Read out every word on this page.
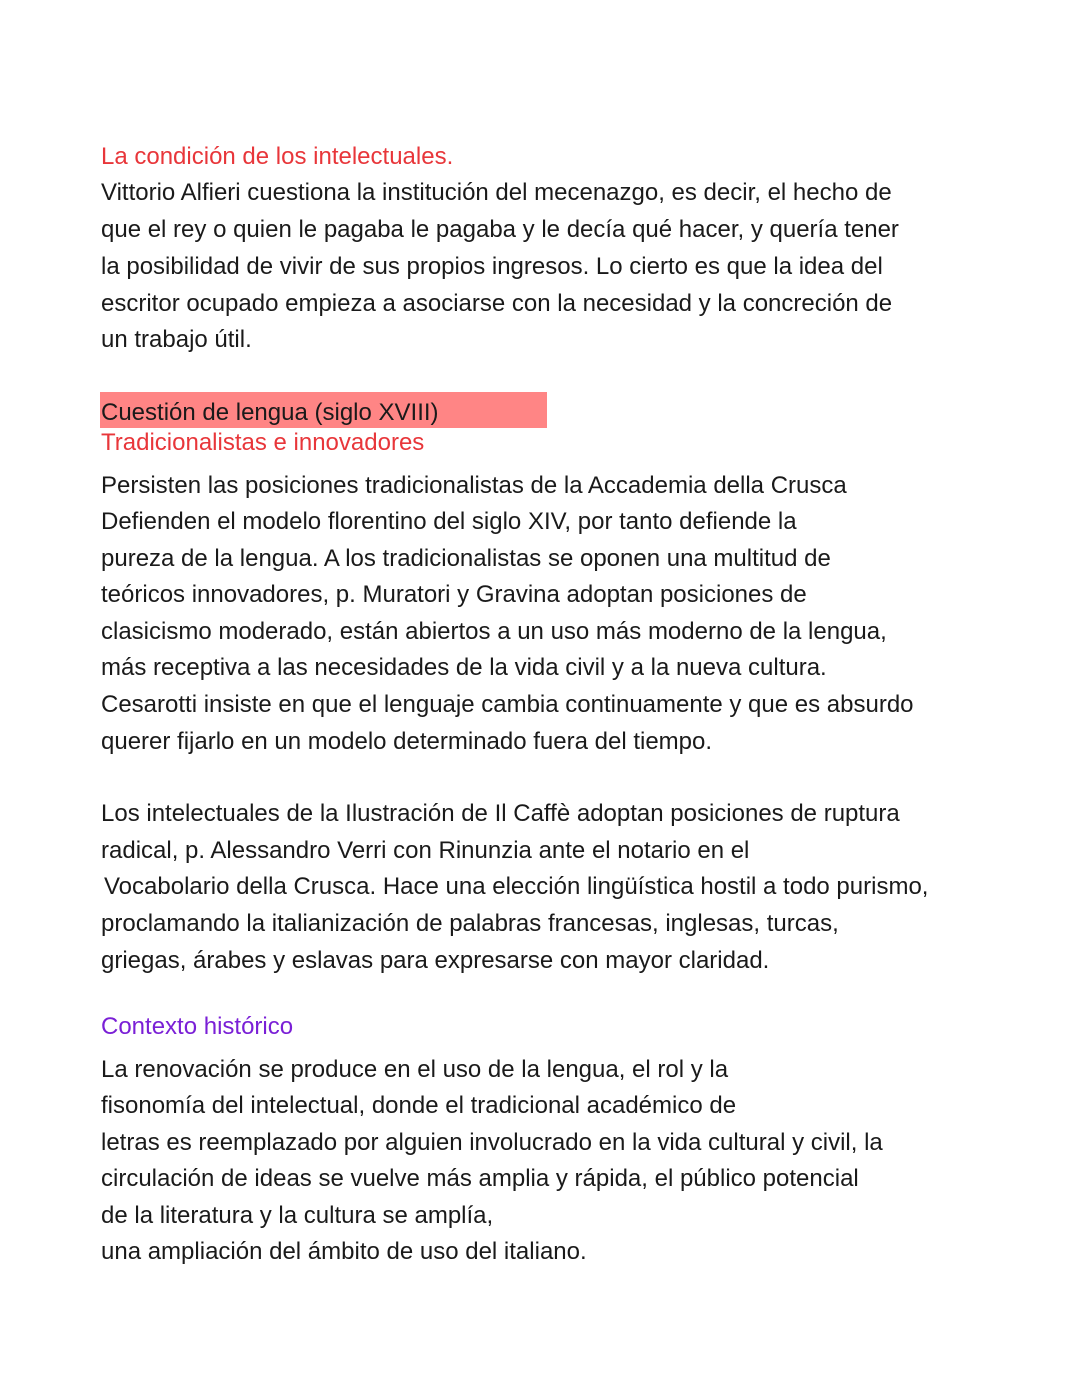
La condición de los intelectuales.
Vittorio Alfieri cuestiona la institución del mecenazgo, es decir, el hecho de
que el rey o quien le pagaba le pagaba y le decía qué hacer, y quería tener
la posibilidad de vivir de sus propios ingresos. Lo cierto es que la idea del
escritor ocupado empieza a asociarse con la necesidad y la concreción de
un trabajo útil.
Cuestión de lengua (siglo XVIII)
Tradicionalistas e innovadores
Persisten las posiciones tradicionalistas de la Accademia della Crusca
Defienden el modelo florentino del siglo XIV, por tanto defiende la
pureza de la lengua. A los tradicionalistas se oponen una multitud de
teóricos innovadores, p. Muratori y Gravina adoptan posiciones de
clasicismo moderado, están abiertos a un uso más moderno de la lengua,
más receptiva a las necesidades de la vida civil y a la nueva cultura.
Cesarotti insiste en que el lenguaje cambia continuamente y que es absurdo
querer fijarlo en un modelo determinado fuera del tiempo.
Los intelectuales de la Ilustración de Il Caffè adoptan posiciones de ruptura
radical, p. Alessandro Verri con Rinunzia ante el notario en el
Vocabolario della Crusca. Hace una elección lingüística hostil a todo purismo,
proclamando la italianización de palabras francesas, inglesas, turcas,
griegas, árabes y eslavas para expresarse con mayor claridad.
Contexto histórico
La renovación se produce en el uso de la lengua, el rol y la
fisonomía del intelectual, donde el tradicional académico de
letras es reemplazado por alguien involucrado en la vida cultural y civil, la
circulación de ideas se vuelve más amplia y rápida, el público potencial
de la literatura y la cultura se amplía,
una ampliación del ámbito de uso del italiano.
